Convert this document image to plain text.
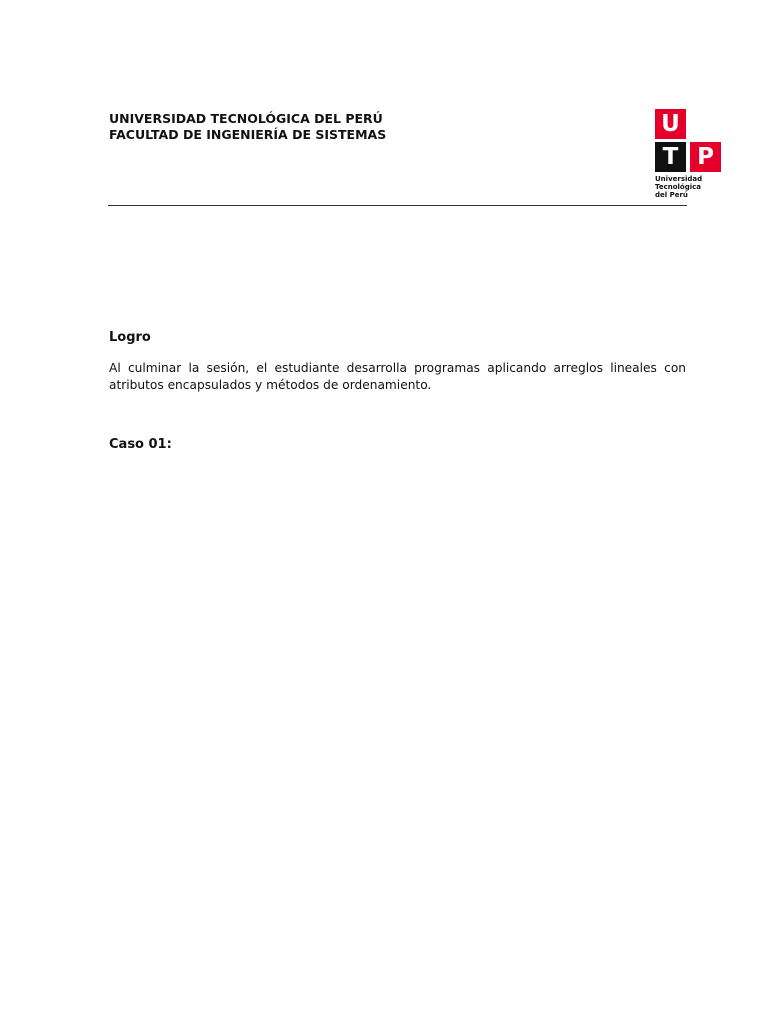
UNIVERSIDAD TECNOLÓGICA DEL PERÚ
FACULTAD DE INGENIERÍA DE SISTEMAS	U
T P
Universidad
Tecnológica
del Perú
Logro
Al culminar la sesión, el estudiante desarrolla programas aplicando arreglos lineales con atributos encapsulados y métodos de ordenamiento.
Caso 01:
